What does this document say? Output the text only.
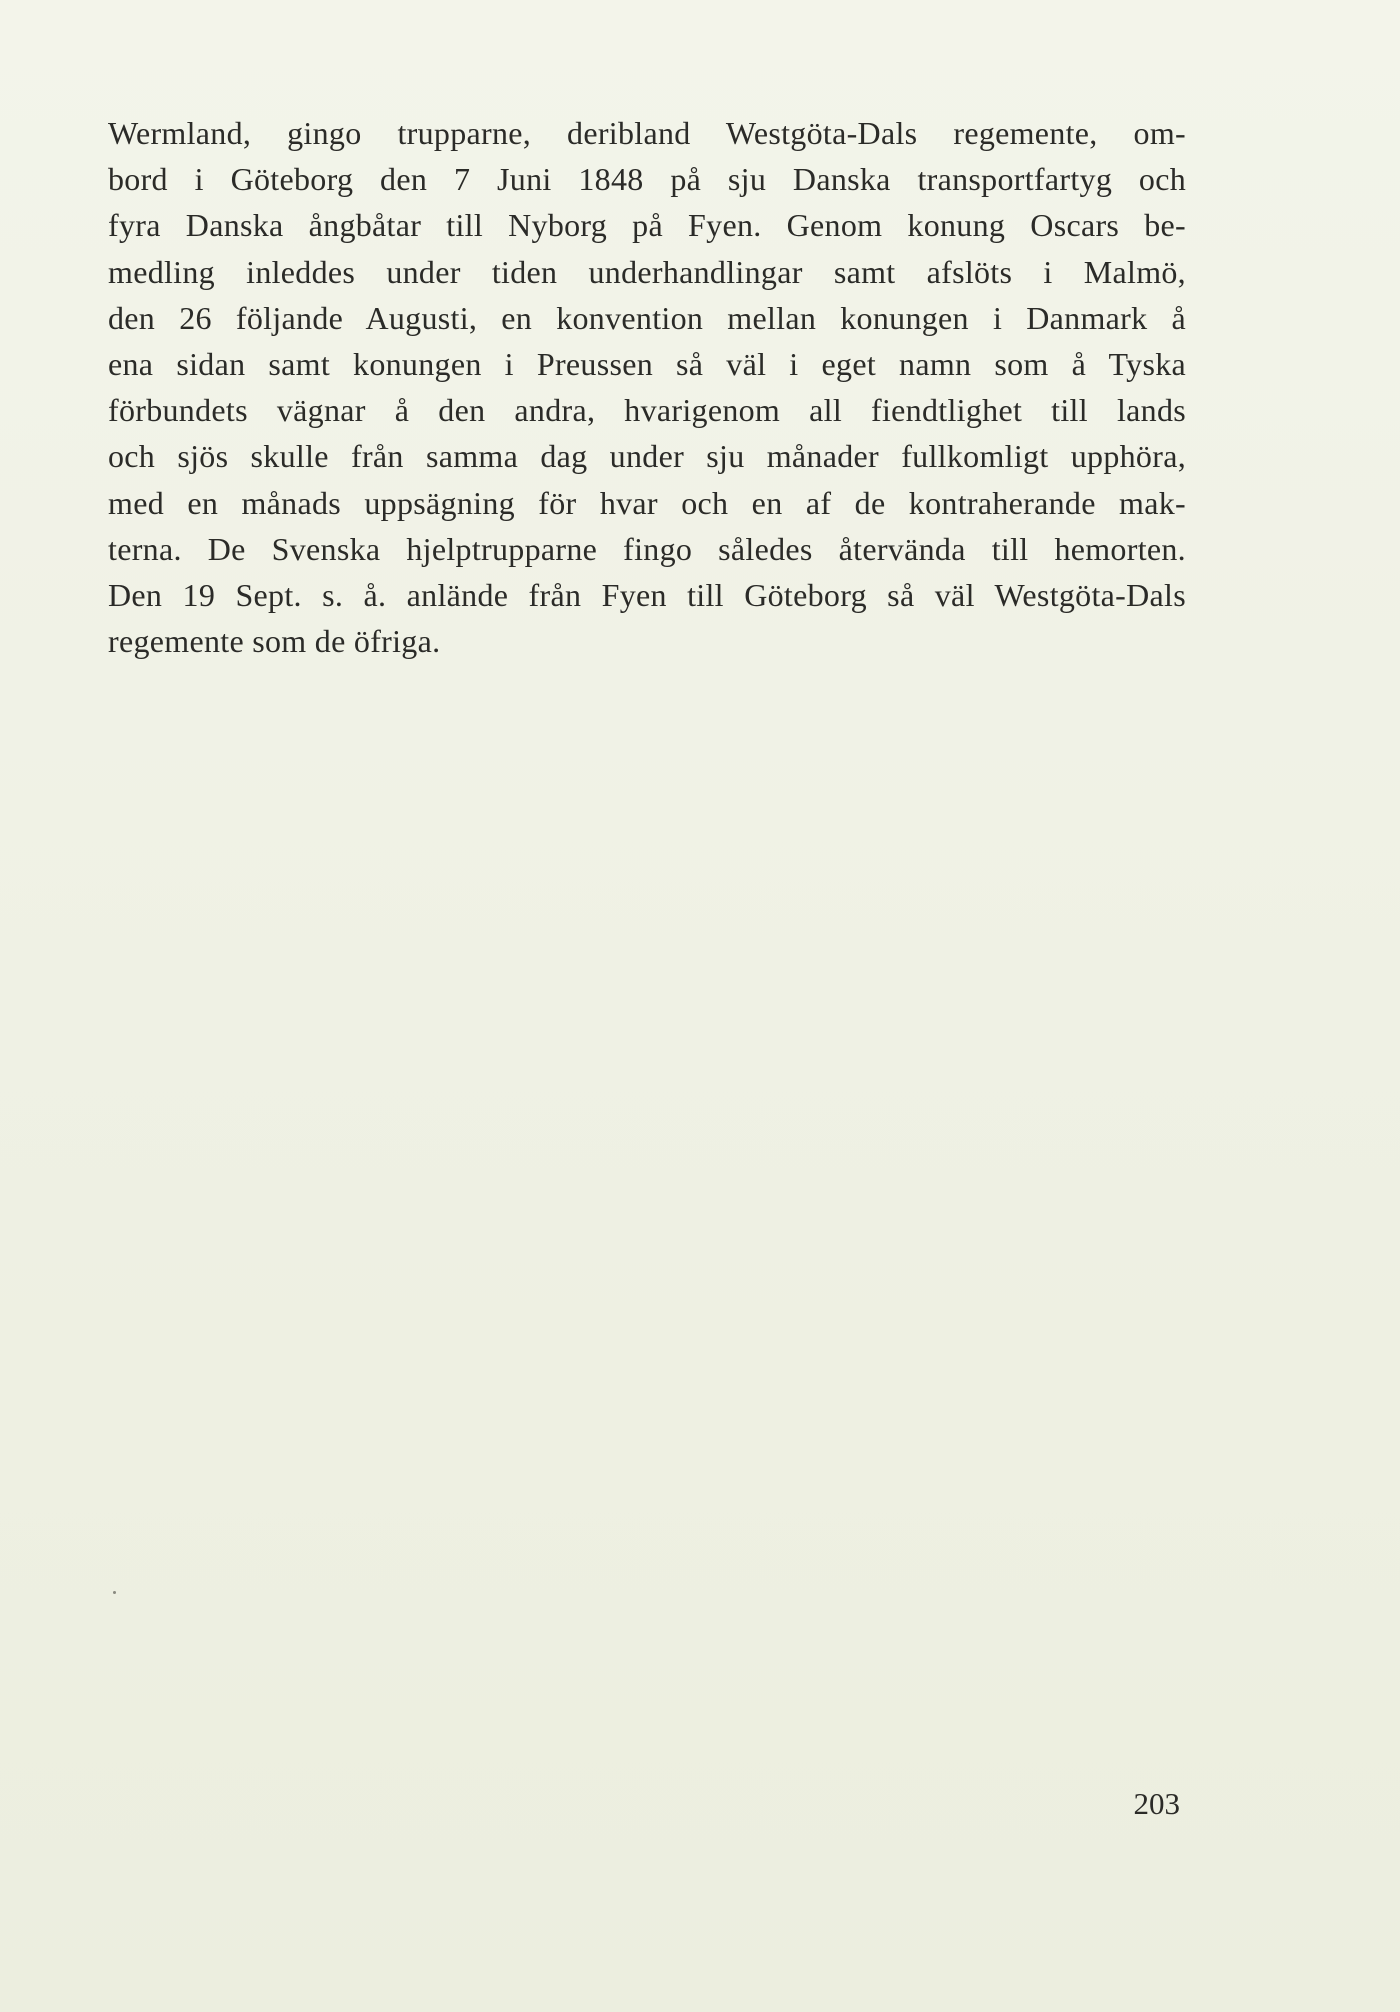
Wermland, gingo trupparne, deribland Westgöta-Dals regemente, om-
bord i Göteborg den 7 Juni 1848 på sju Danska transportfartyg och
fyra Danska ångbåtar till Nyborg på Fyen. Genom konung Oscars be-
medling inleddes under tiden underhandlingar samt afslöts i Malmö,
den 26 följande Augusti, en konvention mellan konungen i Danmark å
ena sidan samt konungen i Preussen så väl i eget namn som å Tyska
förbundets vägnar å den andra, hvarigenom all fiendtlighet till lands
och sjös skulle från samma dag under sju månader fullkomligt upphöra,
med en månads uppsägning för hvar och en af de kontraherande mak-
terna. De Svenska hjelptrupparne fingo således återvända till hemorten.
Den 19 Sept. s. å. anlände från Fyen till Göteborg så väl Westgöta-Dals
regemente som de öfriga.
203
